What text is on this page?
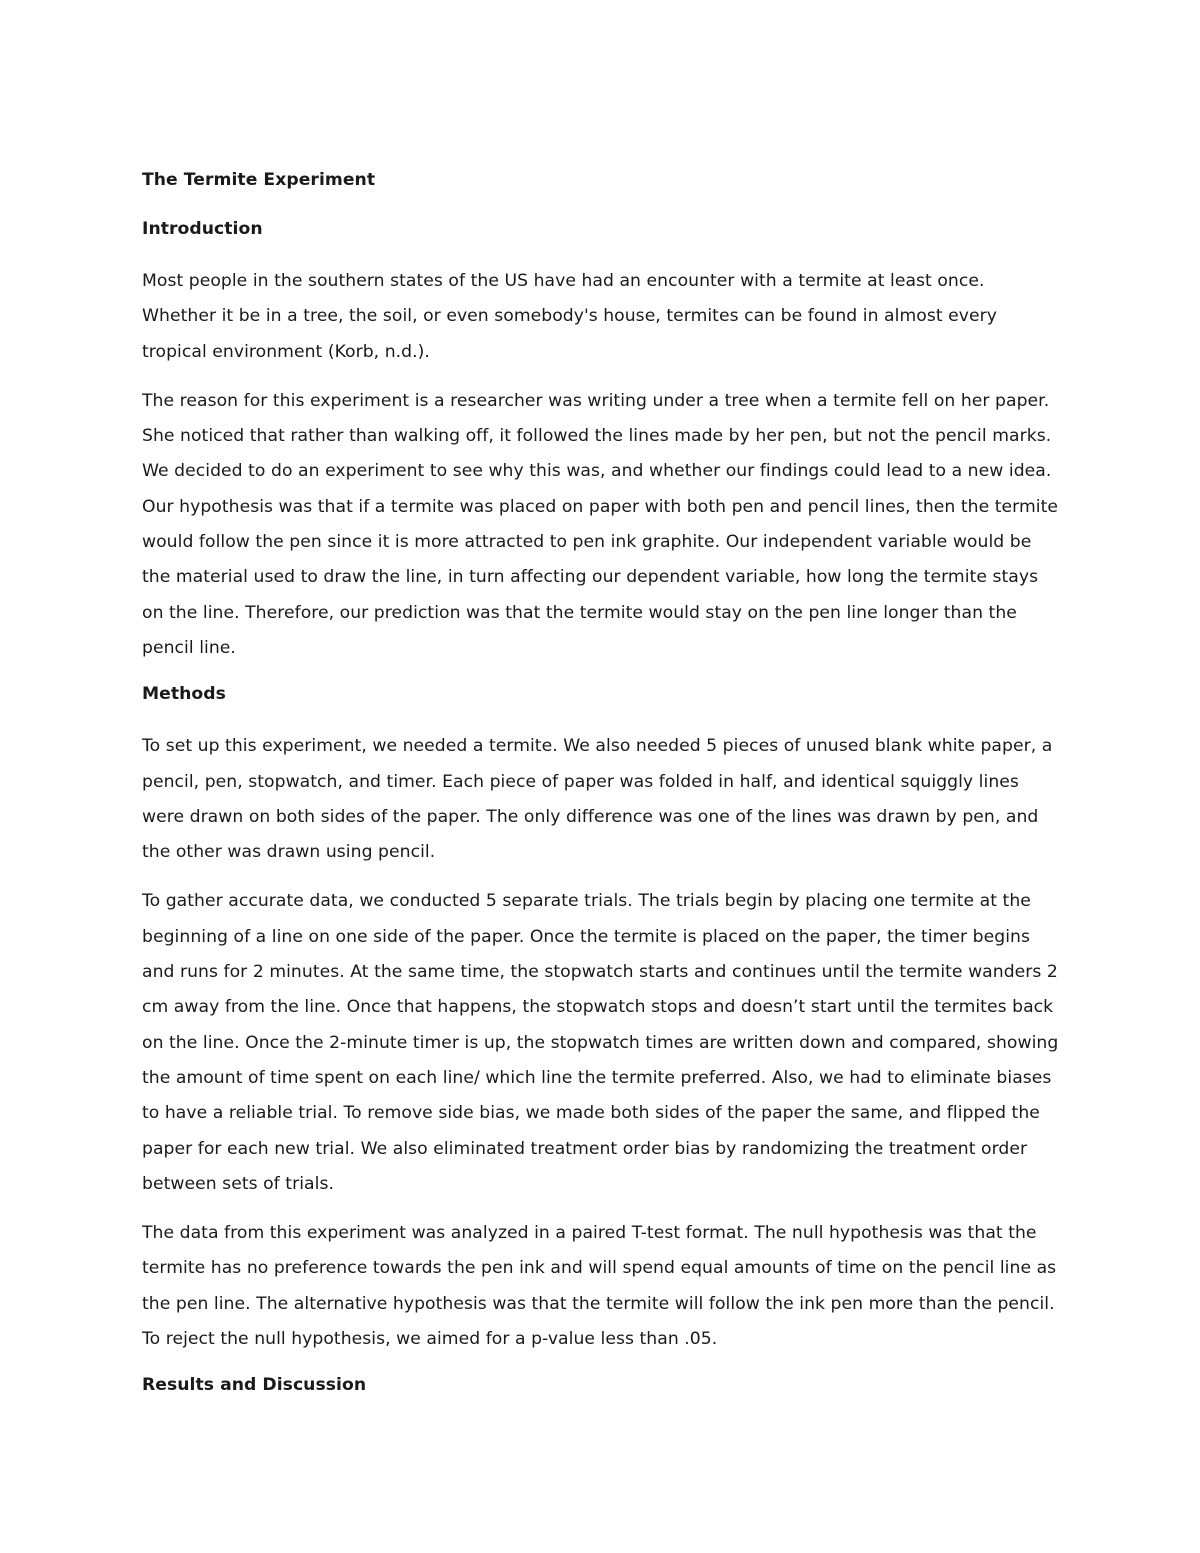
The Termite Experiment
Introduction
Most people in the southern states of the US have had an encounter with a termite at least once. Whether it be in a tree, the soil, or even somebody's house, termites can be found in almost every tropical environment (Korb, n.d.).
The reason for this experiment is a researcher was writing under a tree when a termite fell on her paper. She noticed that rather than walking off, it followed the lines made by her pen, but not the pencil marks. We decided to do an experiment to see why this was, and whether our findings could lead to a new idea. Our hypothesis was that if a termite was placed on paper with both pen and pencil lines, then the termite would follow the pen since it is more attracted to pen ink graphite. Our independent variable would be the material used to draw the line, in turn affecting our dependent variable, how long the termite stays on the line. Therefore, our prediction was that the termite would stay on the pen line longer than the pencil line.
Methods
To set up this experiment, we needed a termite. We also needed 5 pieces of unused blank white paper, a pencil, pen, stopwatch, and timer. Each piece of paper was folded in half, and identical squiggly lines were drawn on both sides of the paper. The only difference was one of the lines was drawn by pen, and the other was drawn using pencil.
To gather accurate data, we conducted 5 separate trials. The trials begin by placing one termite at the beginning of a line on one side of the paper. Once the termite is placed on the paper, the timer begins and runs for 2 minutes. At the same time, the stopwatch starts and continues until the termite wanders 2 cm away from the line. Once that happens, the stopwatch stops and doesn’t start until the termites back on the line. Once the 2-minute timer is up, the stopwatch times are written down and compared, showing the amount of time spent on each line/ which line the termite preferred. Also, we had to eliminate biases to have a reliable trial. To remove side bias, we made both sides of the paper the same, and flipped the paper for each new trial. We also eliminated treatment order bias by randomizing the treatment order between sets of trials.
The data from this experiment was analyzed in a paired T-test format. The null hypothesis was that the termite has no preference towards the pen ink and will spend equal amounts of time on the pencil line as the pen line. The alternative hypothesis was that the termite will follow the ink pen more than the pencil. To reject the null hypothesis, we aimed for a p-value less than .05.
Results and Discussion
